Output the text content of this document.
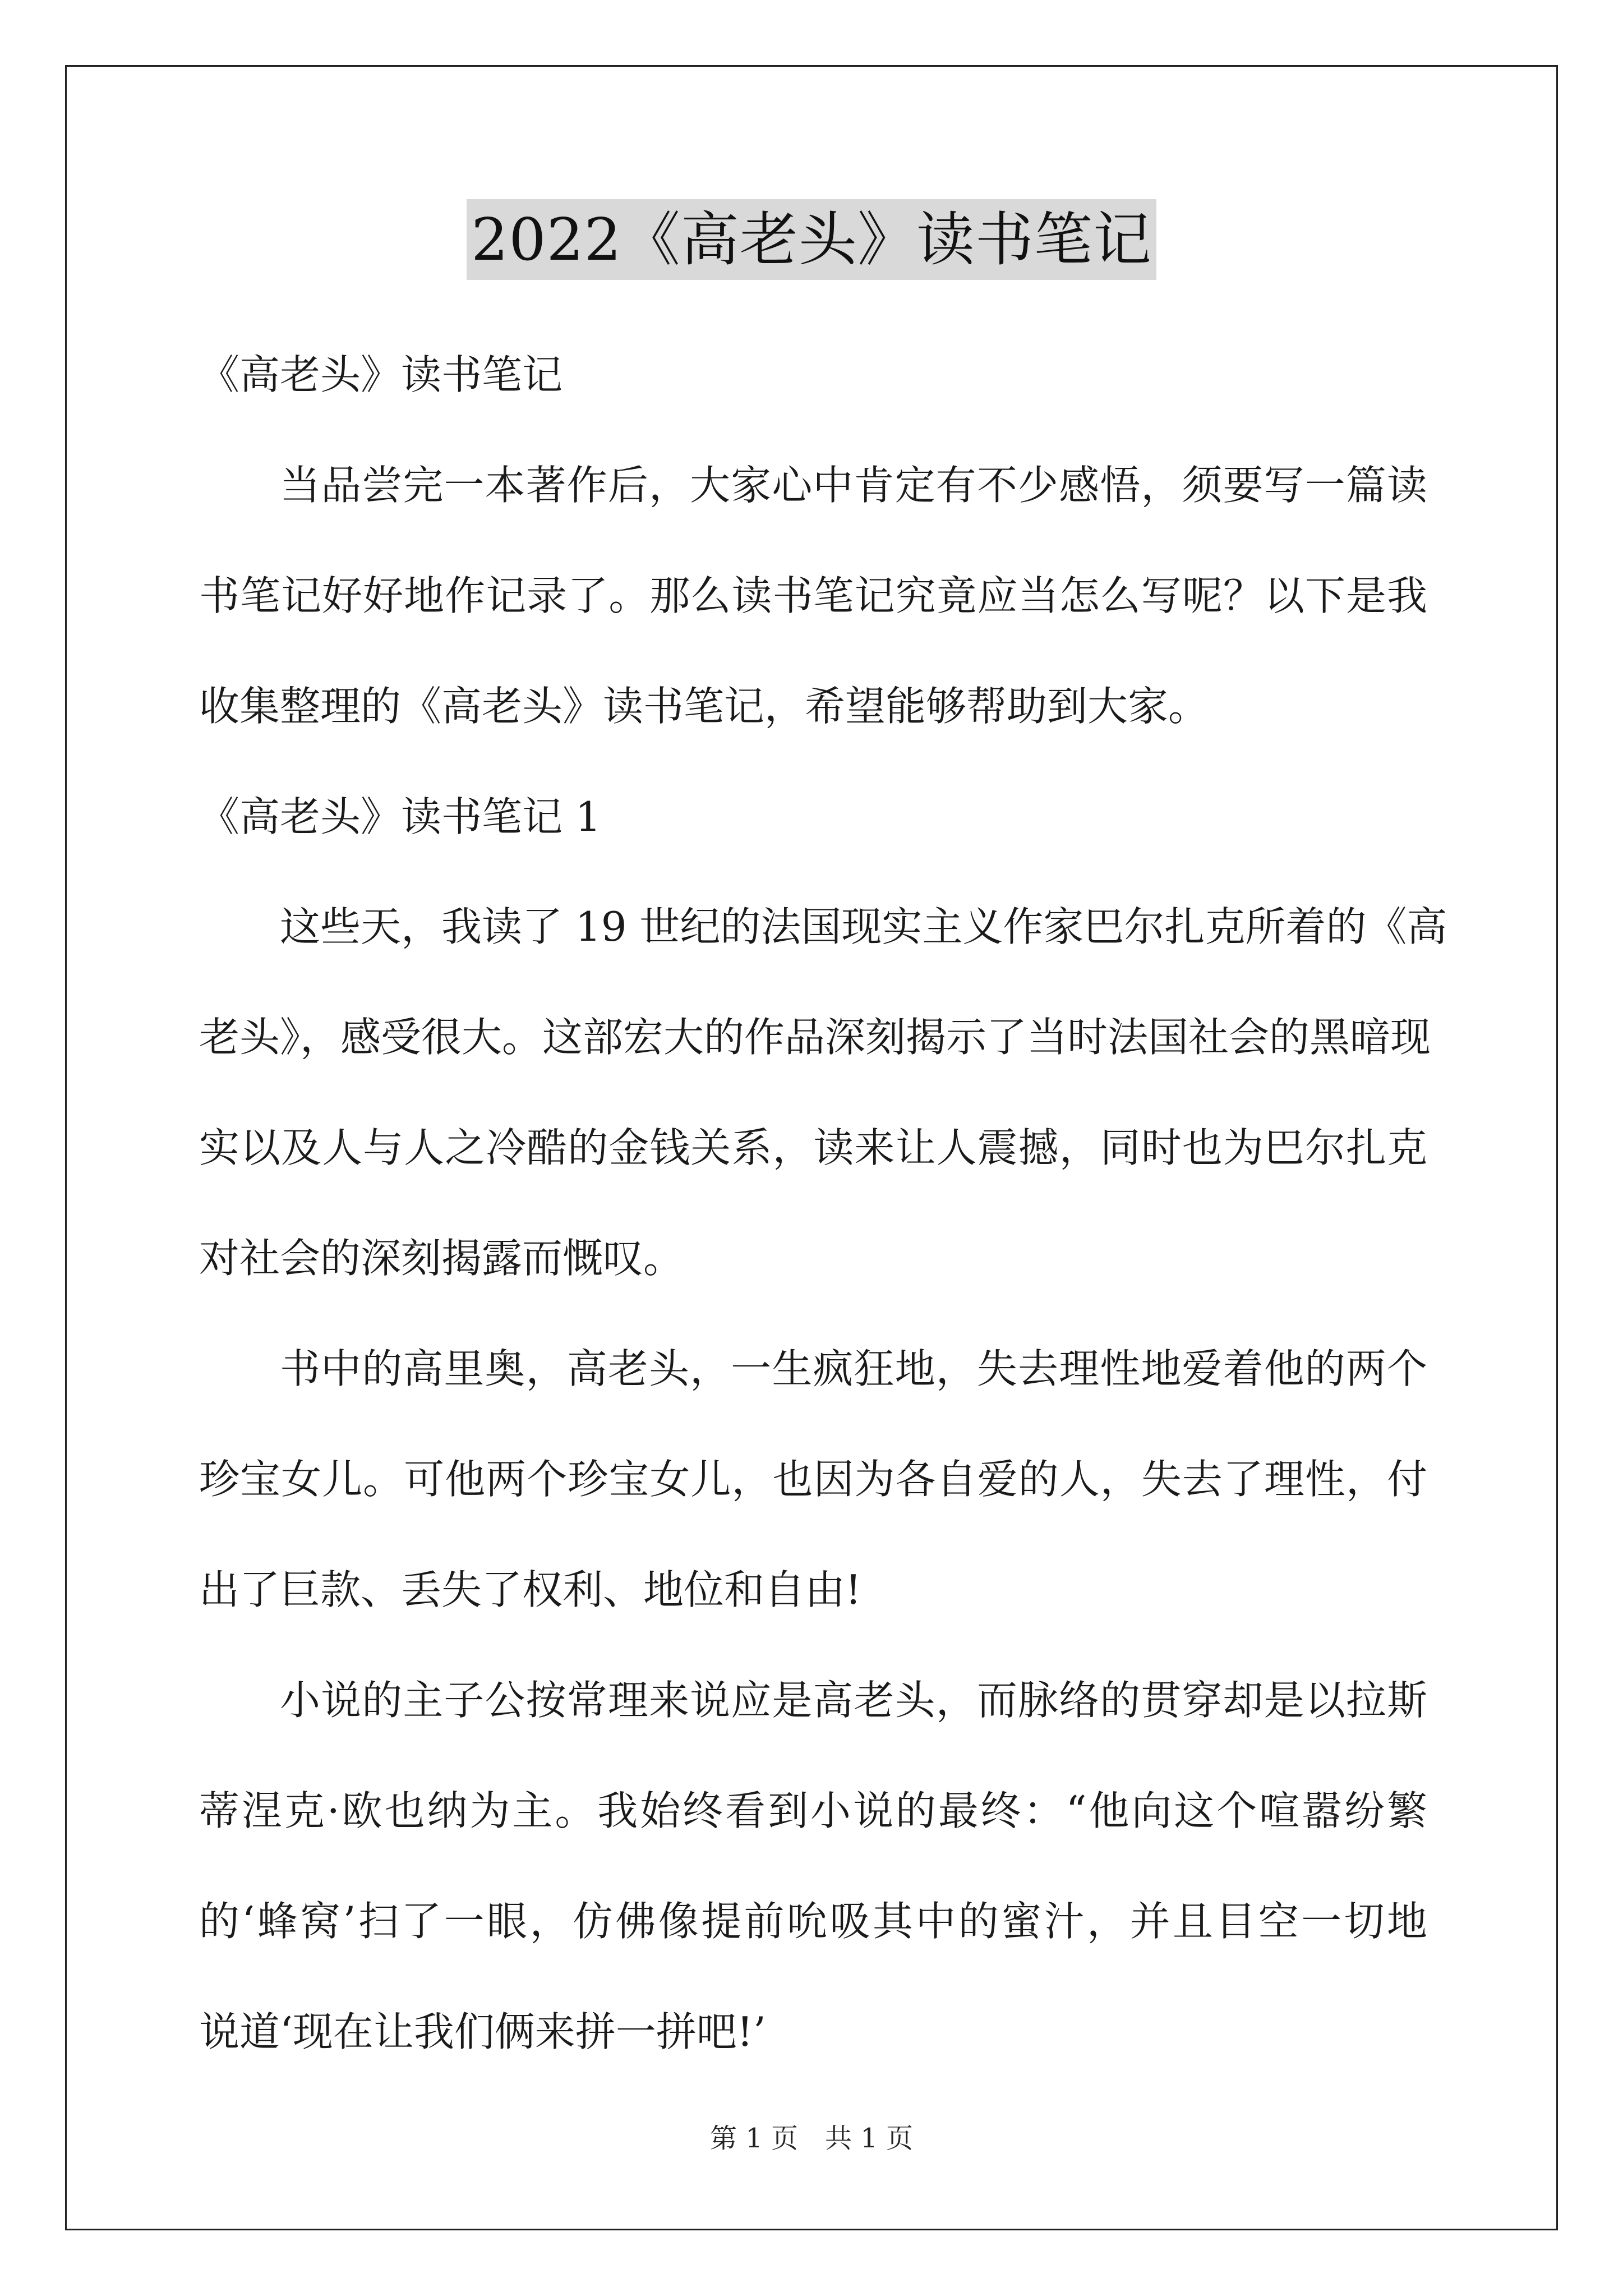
2022《高老头》读书笔记
《高老头》读书笔记
当品尝完一本著作后，大家心中肯定有不少感悟，须要写一篇读
书笔记好好地作记录了。那么读书笔记究竟应当怎么写呢？以下是我
收集整理的《高老头》读书笔记，希望能够帮助到大家。
《高老头》读书笔记 1
这些天，我读了 19 世纪的法国现实主义作家巴尔扎克所着的《高
老头》，感受很大。这部宏大的作品深刻揭示了当时法国社会的黑暗现
实以及人与人之冷酷的金钱关系，读来让人震撼，同时也为巴尔扎克
对社会的深刻揭露而慨叹。
书中的高里奥，高老头，一生疯狂地，失去理性地爱着他的两个
珍宝女儿。可他两个珍宝女儿，也因为各自爱的人，失去了理性，付
出了巨款、丢失了权利、地位和自由!
小说的主子公按常理来说应是高老头，而脉络的贯穿却是以拉斯
蒂涅克·欧也纳为主。我始终看到小说的最终：“他向这个喧嚣纷繁
的‘蜂窝’扫了一眼，仿佛像提前吮吸其中的蜜汁，并且目空一切地
说道‘现在让我们俩来拼一拼吧!’
第 1 页　共 1 页
